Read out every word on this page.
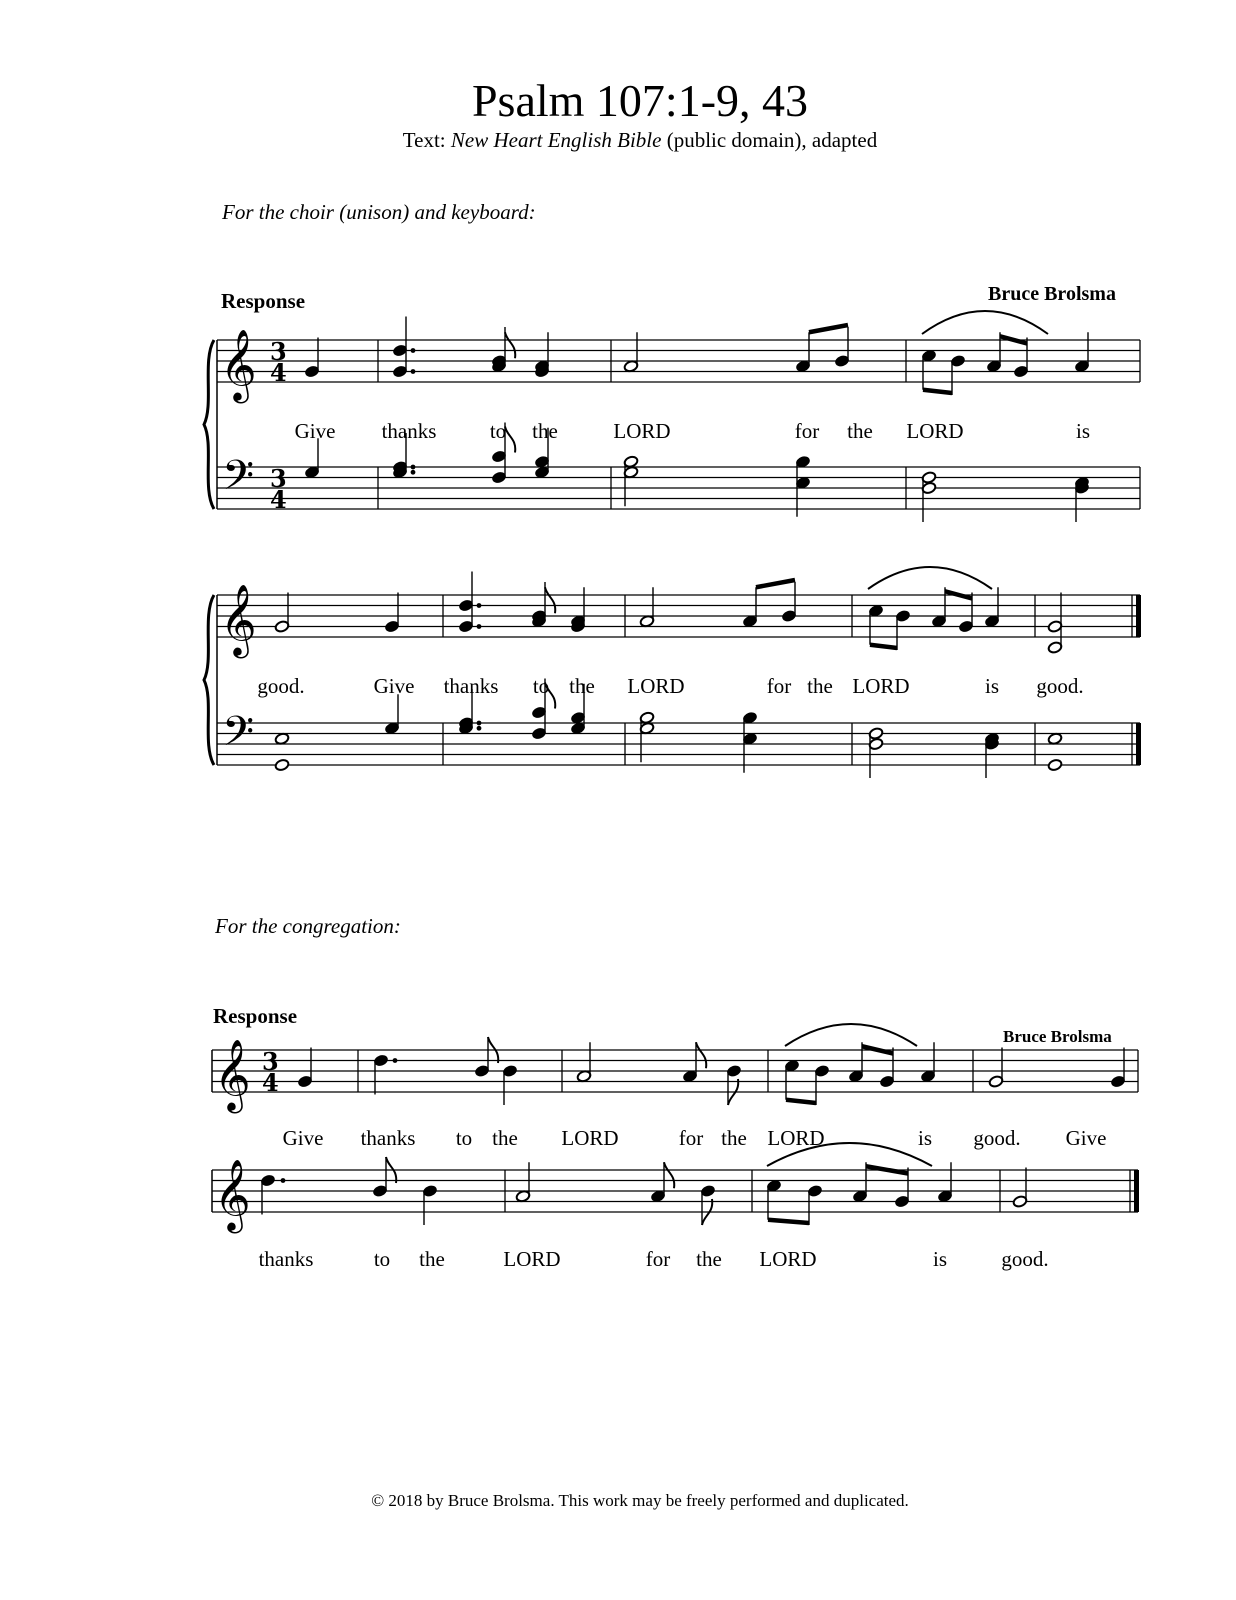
Psalm 107:1-9, 43
Text: New Heart English Bible (public domain), adapted
For the choir (unison) and keyboard:
Response	Bruce Brolsma
For the congregation:
Response
Bruce Brolsma
© 2018 by Bruce Brolsma. This work may be freely performed and duplicated.
𝄞
𝄢
3
4
3
4
𝄞
𝄢
𝄞 3
4
𝄞
Give thanks	to the	LORD	for the LORD	is
good.	Give thanks to the LORD	for the LORD	is good.
Give thanks to the LORD	for the LORD	is good. Give
thanks	to the	LORD	for the LORD	is	good.
